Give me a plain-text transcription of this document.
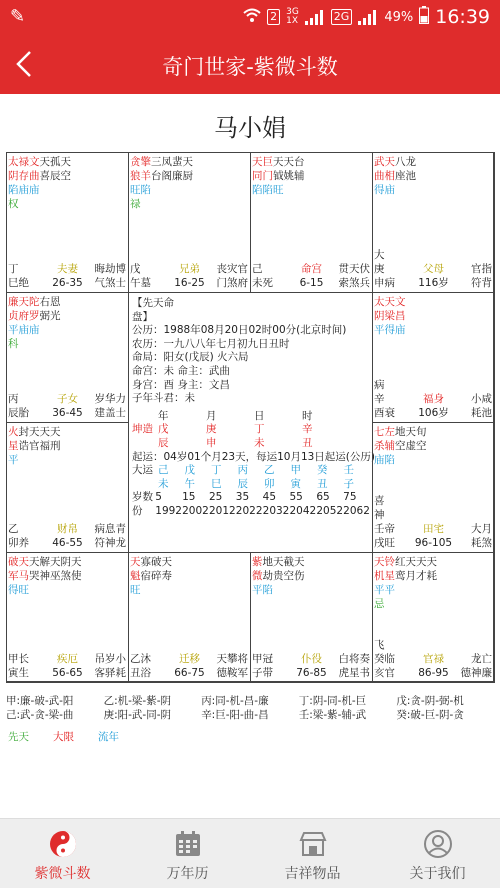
✎	2	3G
1X	2G	49% 16:39
奇门世家-紫微斗数
马小娟
【先天命
盘】
公历：1988年08月20日02时00分(北京时间)
农历：一九八八年七月初九日丑时
命局：阳女(戊辰) 火六局
命宫：未 命主：武曲
身宫：酉 身主：文昌
子年斗君：未
年	月	日	时
坤造 戊	庚	丁	辛
辰	申	未	丑
起运：04岁01个月23天，每运10月13日起运(公历)
大运 己	戊	丁	丙	乙	甲	癸	壬
未	午	巳	辰	卯	寅	丑	子
岁数 5	15	25	35	45	55	65	75
份	1992 2002 2012 2022 2032 2042 2052 2062
太禄文天孤天
阴存曲喜辰空
陷庙庙
权
丁	夫妻	晦劫博
巳绝	26-35	气煞士
贪擎三凤蜚天
狼羊台阁廉厨
旺陷
禄
戊	兄弟	丧灾官
午墓	16-25	门煞府
天巨天天台
同门钺姚辅
陷陷旺
己	命宫	贯天伏
未死	6-15	索煞兵
武天八龙
曲相座池
得庙
大
庚	父母	官指
申病	116岁	符背
廉天陀右恩
贞府罗弼光
平庙庙
科
丙	子女	岁华力
辰胎	36-45	建盖士
太天文
阴梁昌
平得庙
病
辛	福身	小咸
酉衰	106岁	耗池
火封天天天
星诰官福刑
平
乙	财帛	病息青
卯养	46-55	符神龙
七左地天旬
杀辅空虚空
庙陷
喜
神
壬帝	田宅	大月
戌旺	96-105	耗煞
破天天解天阴天
军马哭神巫煞使
得旺
甲长	疾厄	吊岁小
寅生	56-65	客驿耗
天寡破天
魁宿碎寿
旺
乙沐	迁移	天攀将
丑浴	66-75	德鞍军
紫地天截天
微劫贵空伤
平陷
甲冠	仆役	白将奏
子带	76-85	虎星书
天铃红天天天
机星鸾月才耗
平平
忌
飞
癸临	官禄	龙亡
亥官	86-95	德神廉
甲:廉-破-武-阳	乙:机-梁-紫-阴	丙:同-机-昌-廉	丁:阴-同-机-巨	戊:贪-阴-弼-机
己:武-贪-梁-曲	庚:阳-武-同-阴	辛:巨-阳-曲-昌	壬:梁-紫-辅-武	癸:破-巨-阴-贪
先天 大限 流年
紫微斗数	万年历	吉祥物品	关于我们
